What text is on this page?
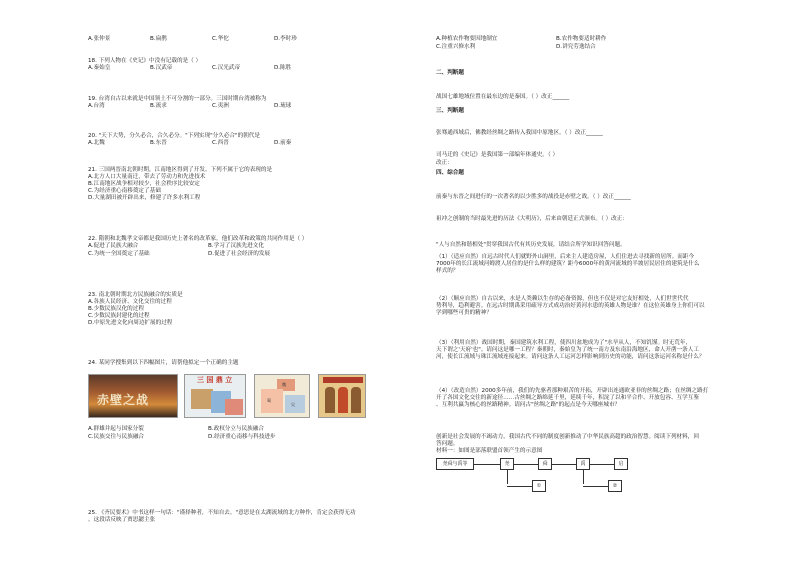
A.张仲景	B.扁鹊	C.华佗	D.李时珍
18. 下列人物在《史记》中没有记载的是（ ）
A.秦始皇	B.汉武帝	C.汉光武帝	D.陈胜
19. 台湾自古以来就是中国领土不可分割的一部分。三国时期台湾被称为
A.台湾	B.流求	C.夷洲	D.琉球
20. "天下大势，分久必合，合久必分。"下列实现"分久必合"的朝代是
A.北魏	B.东晋	C.西晋	D.前秦
21. 三国两晋南北朝时期，江南地区得到了开发。下列不属于它的表现的是
A.北方人口大量南迁，带去了劳动力和先进技术
B.江南地区战争相对较少，社会秩序比较安定
C.为经济重心南移奠定了基础
D.大量湖田被开辟出来，修建了许多水利工程
22. 隋朝和北魏孝文帝都是我国历史上著名的改革家。他们改革和政策的共同作用是（ ）
A.促进了民族大融合	B.学习了汉族先进文化
C.为统一全国奠定了基础	D.促进了社会经济的发展
23. 南北朝时期北方民族融合的实质是
A.各族人民经济、文化交往的过程
B.少数民族汉化的过程
C.少数民族封建化的过程
D.中原先进文化向周边扩展的过程
24. 某同学搜集到以下四幅图片，请帮他拟定一个正确的主题
赤壁之战
三 国 鼎 立
魏
蜀
吴
A.群雄并起与国家分裂	B.政权分立与民族融合
C.民族交往与民族融合	D.经济重心南移与科技进步
25. 《齐民要术》中书这样一句话："谨择种者，不知自去。"意思是在太湖流域的北方种作，肯定会获得无功
。这段话反映了贾思勰主张
A.种植农作物要因地制宜	B.农作物要适时耕作
C.注重兴修水利	D.讲究劳逸结合
二、判断题
战国七雄地域位置在最东边的是秦国。（ ）改正______
三、判断题
张骞通西域后，佛教经丝绸之路传入我国中原地区。（ ）改正______
司马迁的《史记》是我国第一部编年体通史。（ ）
改正：
四、综合题
前秦与东晋之间进行的一次著名的以少胜多的战役是赤壁之战。（ ）改正______
祖冲之创制的当时最先进的历法《大明历》，后来由朝廷正式颁布。（ ）改正：
"人与自然和谐相处"贯穿我国古代有其历史发展，请结合所学知识回答问题。
（1）（适应自然）自远古时代人们就野外山洞里，后来主人建造房屋，人们住进去寻找新的居所。而距今
7000年的长江流域河姆渡人居住的是什么样的建筑？距今6000年的黄河流域的半坡居民居住的建筑是什么
样式的？
（2）（顺应自然）自古以来，水是人类赖以生存的必备资源，但也不仅是对它友好相处，人们世世代代
势利导，趋利避害。在远古时期禹采用疏导方式成功治好黄河水患的英雄人物是谁？在这位英雄身上你们可以
学到哪些可贵的精神？
（3）（利用自然）战国时期，秦国建筑水利工程，使四川盆地成为了"水旱从人，不知饥馑。时无荒年，
天下谓之'天府'也"。请问这是哪一工程？秦朝时，秦始皇为了统一南方及东南沿海地区，命人开凿一条人工
河，使长江流域与珠江流域连接起来。请问这条人工运河怎样影响到历史的功能，请问这条运河名称是什么？
（4）（改造自然）2000多年前，我们的先驱者那种艰苦的开拓，开辟出连通欧亚非的丝绸之路；在丝绸之路打
开了各国文化交往的新途径……古丝绸之路绵延千里，延续千年，积淀了以和平合作、开放包容、互学互鉴
、互利共赢为核心的丝路精神。请问古"丝绸之路"的起点是今天哪座城市？
创新是社会发展的不竭动力，我国古代不同的制度创新推动了中华民族高超的政治智慧。阅读下列材料，回
答问题。
材料一：如图是部落联盟首领产生的示意图
尧舜与禹等	尧	舜	禹	启
①	②
